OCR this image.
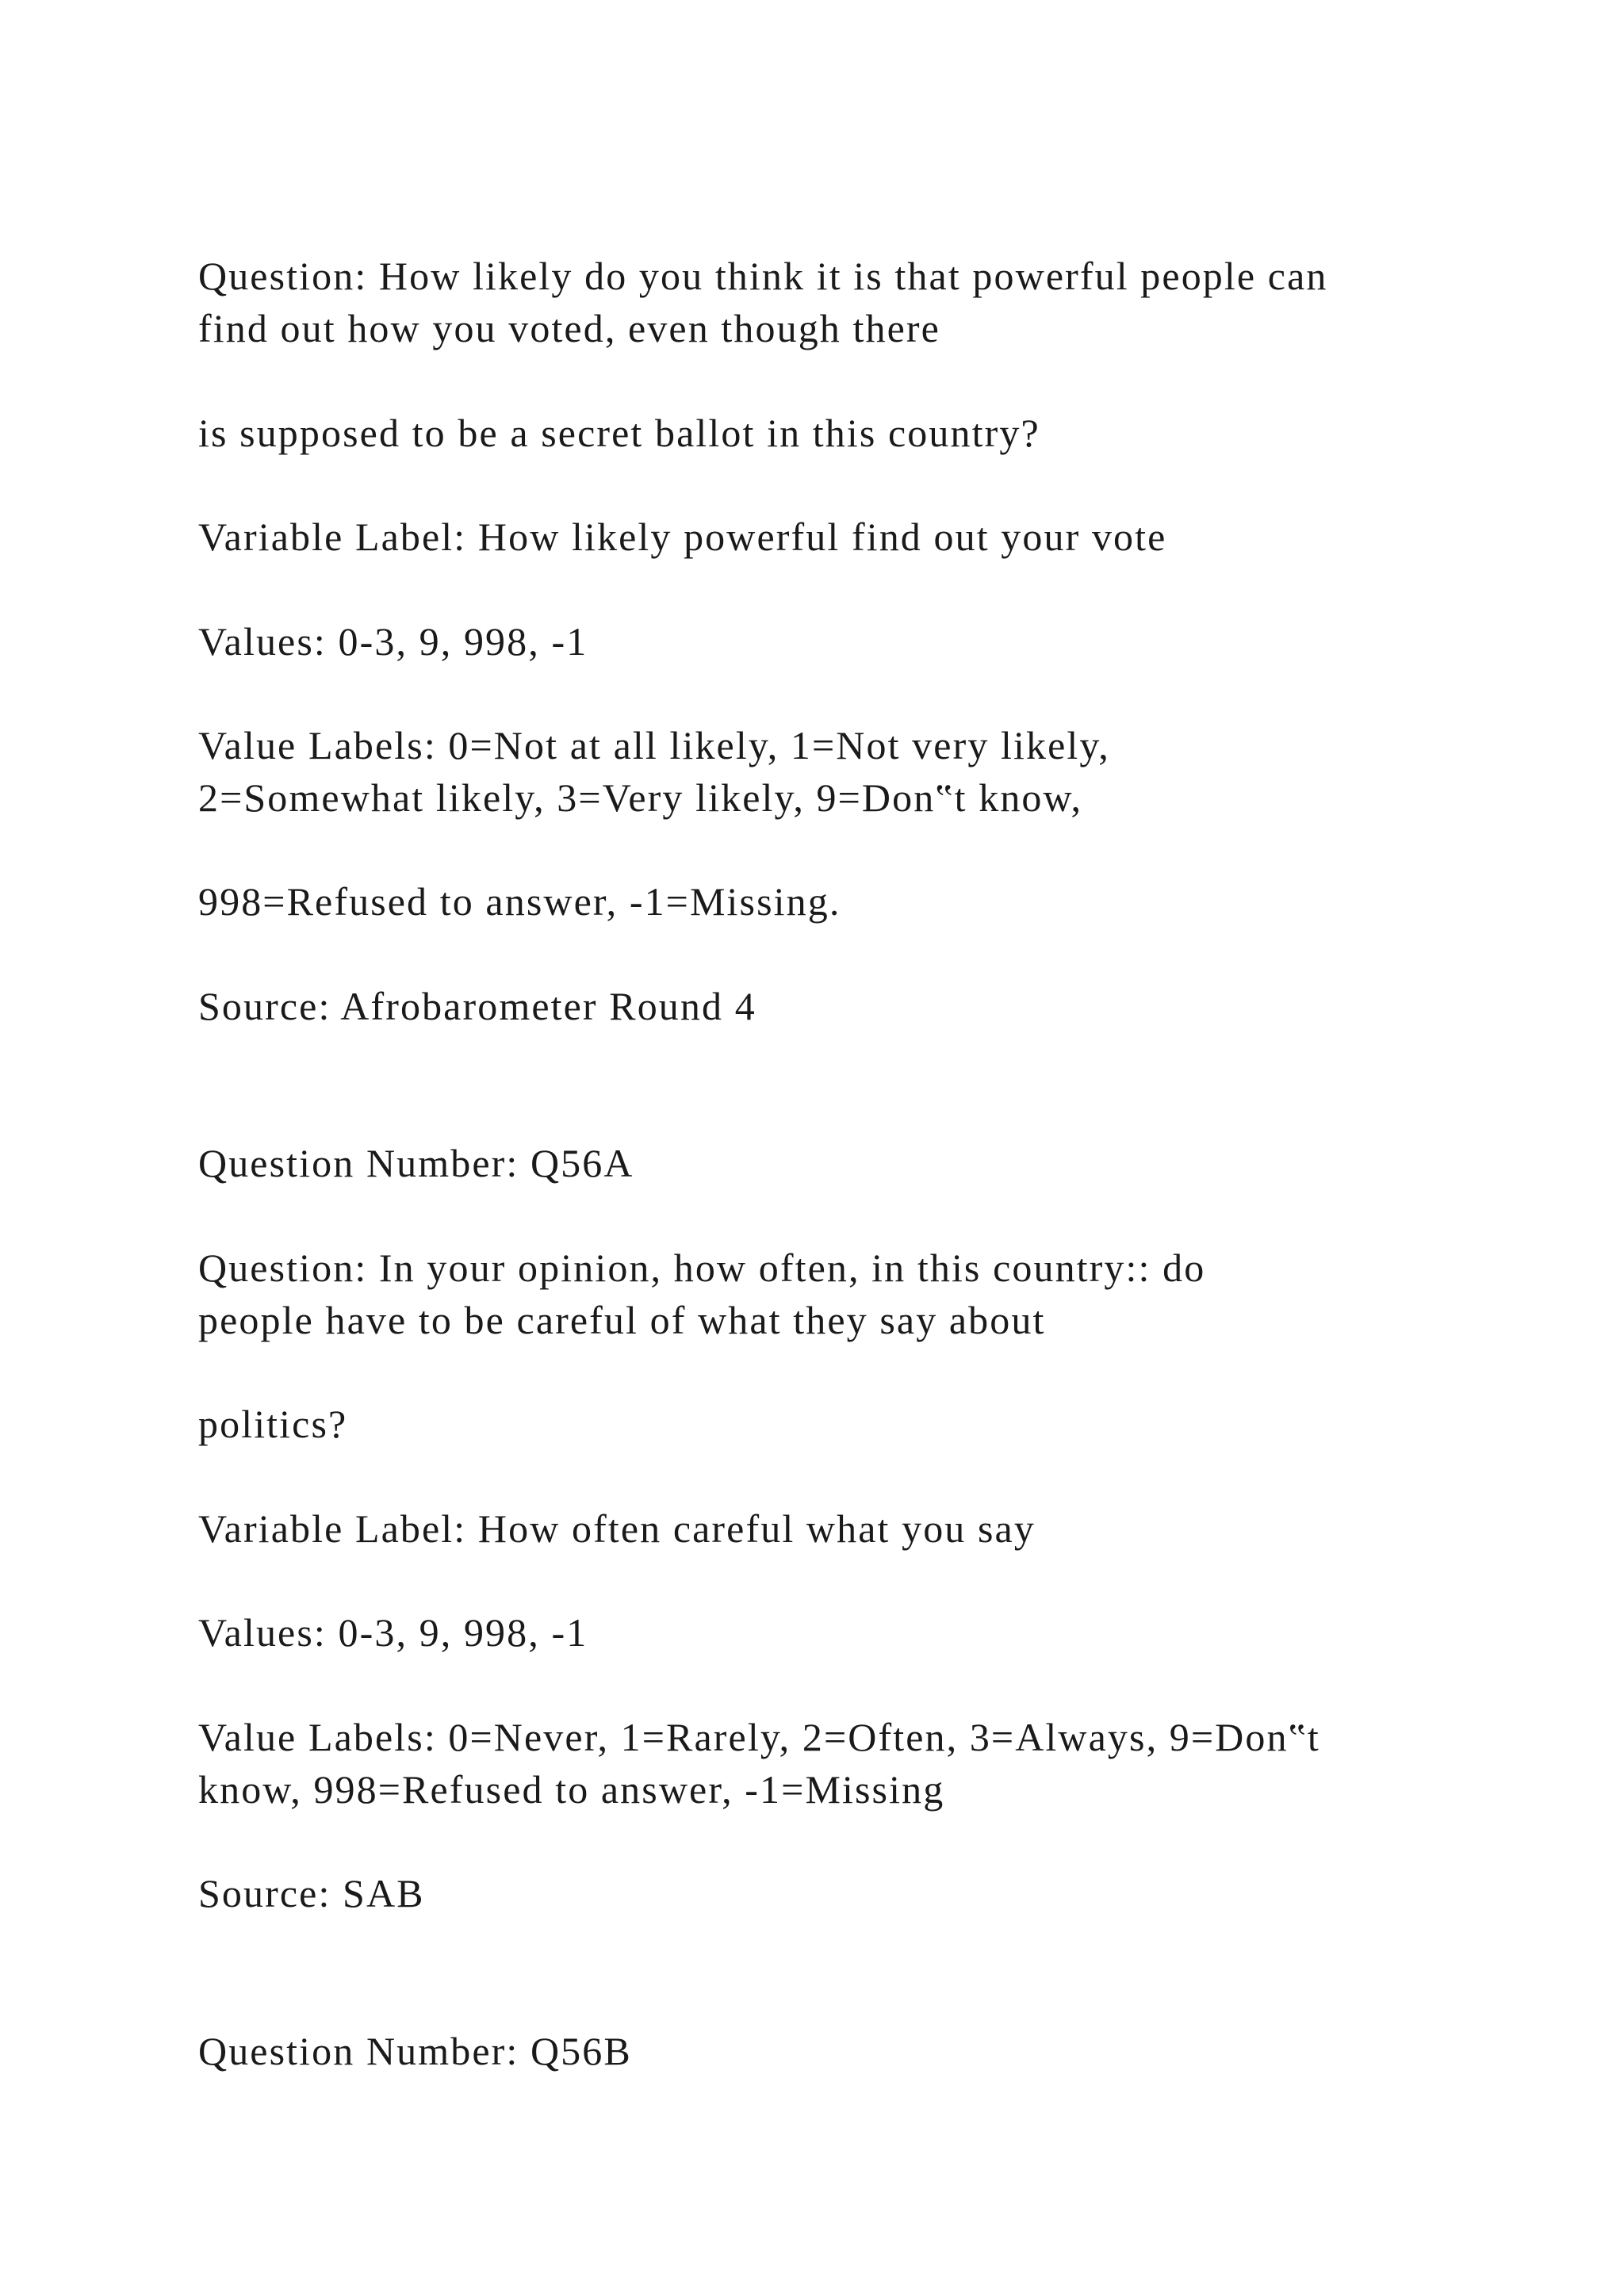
Question: How likely do you think it is that powerful people can

find out how you voted, even though there

is supposed to be a secret ballot in this country?

Variable Label: How likely powerful find out your vote

Values: 0-3, 9, 998, -1

Value Labels: 0=Not at all likely, 1=Not very likely,

2=Somewhat likely, 3=Very likely, 9=Don‟t know,

998=Refused to answer, -1=Missing.

Source: Afrobarometer Round 4

Question Number: Q56A

Question: In your opinion, how often, in this country:: do

people have to be careful of what they say about

politics?

Variable Label: How often careful what you say

Values: 0-3, 9, 998, -1

Value Labels: 0=Never, 1=Rarely, 2=Often, 3=Always, 9=Don‟t

know, 998=Refused to answer, -1=Missing

Source: SAB

Question Number: Q56B
